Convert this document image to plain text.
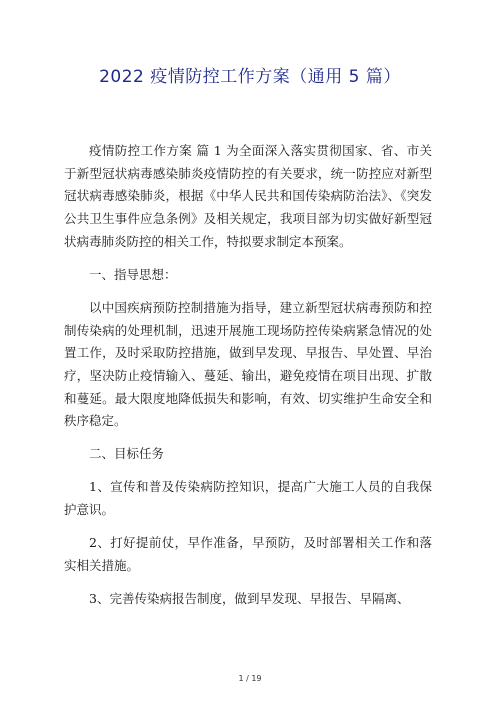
2022 疫情防控工作方案（通用 5 篇）

疫情防控工作方案 篇 1 为全面深入落实贯彻国家、省、市关于新型冠状病毒感染肺炎疫情防控的有关要求，统一防控应对新型冠状病毒感染肺炎，根据《中华人民共和国传染病防治法》、《突发公共卫生事件应急条例》及相关规定，我项目部为切实做好新型冠状病毒肺炎防控的相关工作，特拟要求制定本预案。

一、指导思想：

以中国疾病预防控制措施为指导，建立新型冠状病毒预防和控制传染病的处理机制，迅速开展施工现场防控传染病紧急情况的处置工作，及时采取防控措施，做到早发现、早报告、早处置、早治疗，坚决防止疫情输入、蔓延、输出，避免疫情在项目出现、扩散和蔓延。最大限度地降低损失和影响，有效、切实维护生命安全和秩序稳定。

二、目标任务

1、宣传和普及传染病防控知识，提高广大施工人员的自我保护意识。

2、打好提前仗，早作准备，早预防，及时部署相关工作和落实相关措施。

3、完善传染病报告制度，做到早发现、早报告、早隔离、

1 / 19
